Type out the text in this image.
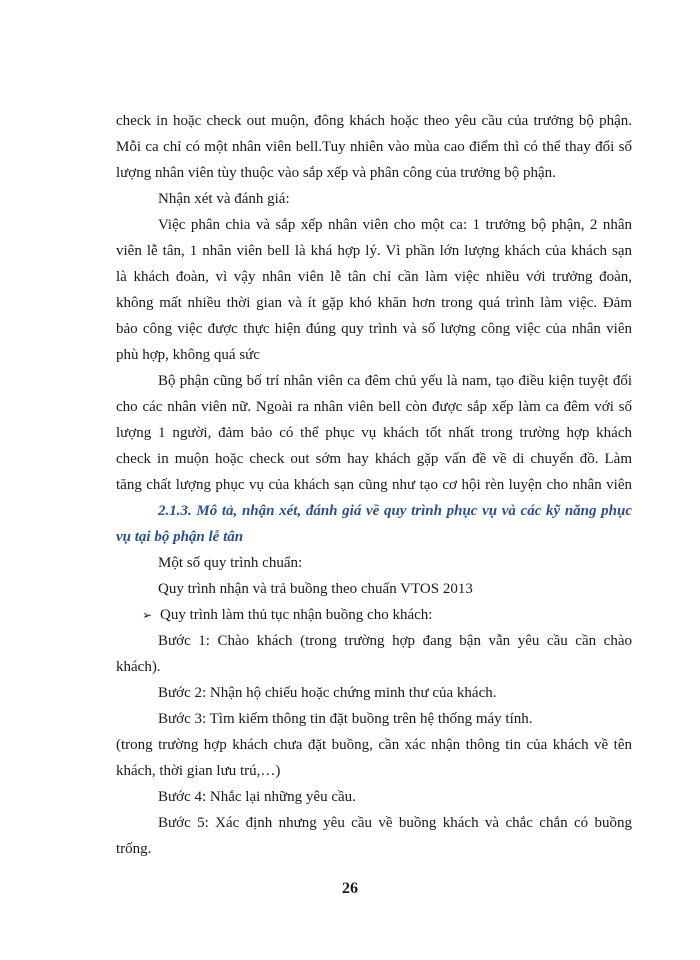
check in hoặc check out muộn, đông khách hoặc theo yêu cầu của trưởng bộ phận.
Mỗi ca chỉ có một nhân viên bell.Tuy nhiên vào mùa cao điểm thì có thể thay đổi số
lượng nhân viên tùy thuộc vào sắp xếp và phân công của trưởng bộ phận.
Nhận xét và đánh giá:
Việc phân chia và sắp xếp nhân viên cho một ca: 1 trưởng bộ phận, 2 nhân
viên lễ tân, 1 nhân viên bell là khá hợp lý. Vì phần lớn lượng khách của khách sạn
là khách đoàn, vì vậy nhân viên lễ tân chỉ cần làm việc nhiều với trưởng đoàn,
không mất nhiều thời gian và ít gặp khó khăn hơn trong quá trình làm việc. Đảm
bảo công việc được thực hiện đúng quy trình và số lượng công việc của nhân viên
phù hợp, không quá sức
Bộ phận cũng bố trí nhân viên ca đêm chủ yếu là nam, tạo điều kiện tuyệt đối
cho các nhân viên nữ. Ngoài ra nhân viên bell còn được sắp xếp làm ca đêm với số
lượng 1 người, đảm bảo có thể phục vụ khách tốt nhất trong trường hợp khách
check in muộn hoặc check out sớm hay khách gặp vấn đề về di chuyển đồ. Làm
tăng chất lượng phục vụ của khách sạn cũng như tạo cơ hội rèn luyện cho nhân viên
2.1.3. Mô tả, nhận xét, đánh giá về quy trình phục vụ và các kỹ năng phục
vụ tại bộ phận lễ tân
Một số quy trình chuẩn:
Quy trình nhận và trả buồng theo chuẩn VTOS 2013
➢ Quy trình làm thủ tục nhận buồng cho khách:
Bước 1: Chào khách (trong trường hợp đang bận vẫn yêu cầu cần chào
khách).
Bước 2: Nhận hộ chiếu hoặc chứng minh thư của khách.
Bước 3: Tìm kiếm thông tin đặt buồng trên hệ thống máy tính.
(trong trường hợp khách chưa đặt buồng, cần xác nhận thông tin của khách về tên
khách, thời gian lưu trú,…)
Bước 4: Nhắc lại những yêu cầu.
Bước 5: Xác định nhưng yêu cầu về buồng khách và chắc chắn có buồng
trống.
26
